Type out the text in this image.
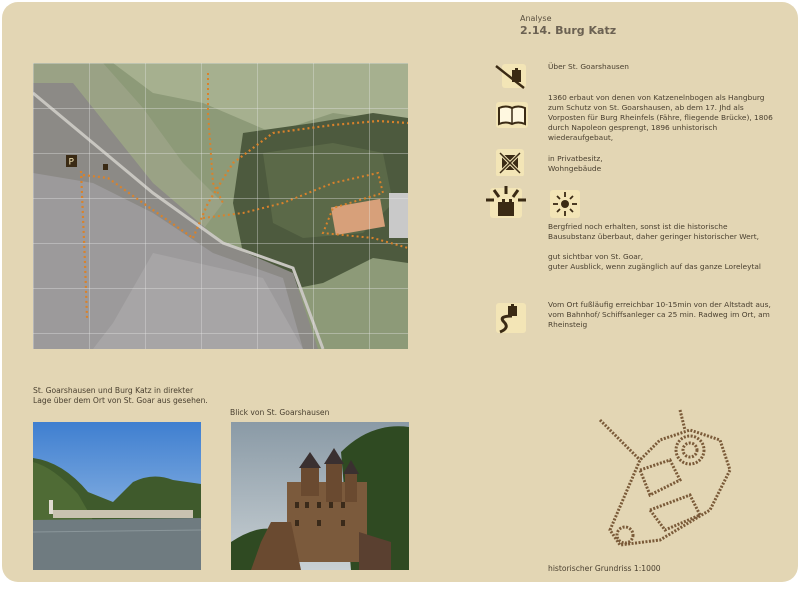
Analyse
2.14. Burg Katz
P
Über St. Goarshausen
1360 erbaut von denen von Katzenelnbogen als Hangburg zum Schutz von St. Goarshausen, ab dem 17. Jhd als Vorposten für Burg Rheinfels (Fähre, fliegende Brücke), 1806 durch Napoleon gesprengt, 1896 unhistorisch wiederaufgebaut,
in Privatbesitz,
Wohngebäude
Bergfried noch erhalten, sonst ist die historische Bausubstanz überbaut, daher geringer historischer Wert,
gut sichtbar von St. Goar,
guter Ausblick, wenn zugänglich auf das ganze Loreleytal
Vom Ort fußläufig erreichbar 10-15min von der Altstadt aus, vom Bahnhof/ Schiffsanleger ca 25 min. Radweg im Ort, am Rheinsteig
St. Goarshausen und Burg Katz in direkter Lage über dem Ort von St. Goar aus gesehen.
Blick von St. Goarshausen
historischer Grundriss 1:1000
